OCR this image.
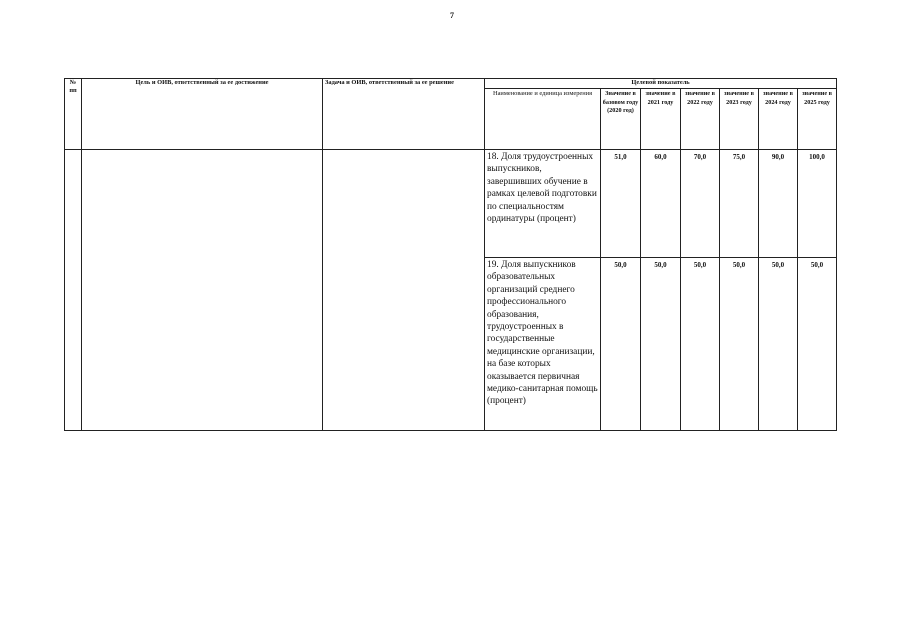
7
№
пп	Цель и ОИВ, ответственный за ее достижение	Задача и ОИВ, ответственный за ее решение	Целевой показатель						
			Наименование и единица измерения	Значение в базовом году (2020 год)	значение в 2021 году	значение в 2022 году	значение в 2023 году	значение в 2024 году	значение в 2025 году
			18. Доля трудоустроенных выпускников, завершивших обучение в рамках целевой подготовки по специальностям ординатуры (процент)	51,0	60,0	70,0	75,0	90,0	100,0
			19. Доля выпускников образовательных организаций среднего профессионального образования, трудоустроенных в государственные медицинские организации, на базе которых оказывается первичная медико-санитарная помощь (процент)	50,0	50,0	50,0	50,0	50,0	50,0
